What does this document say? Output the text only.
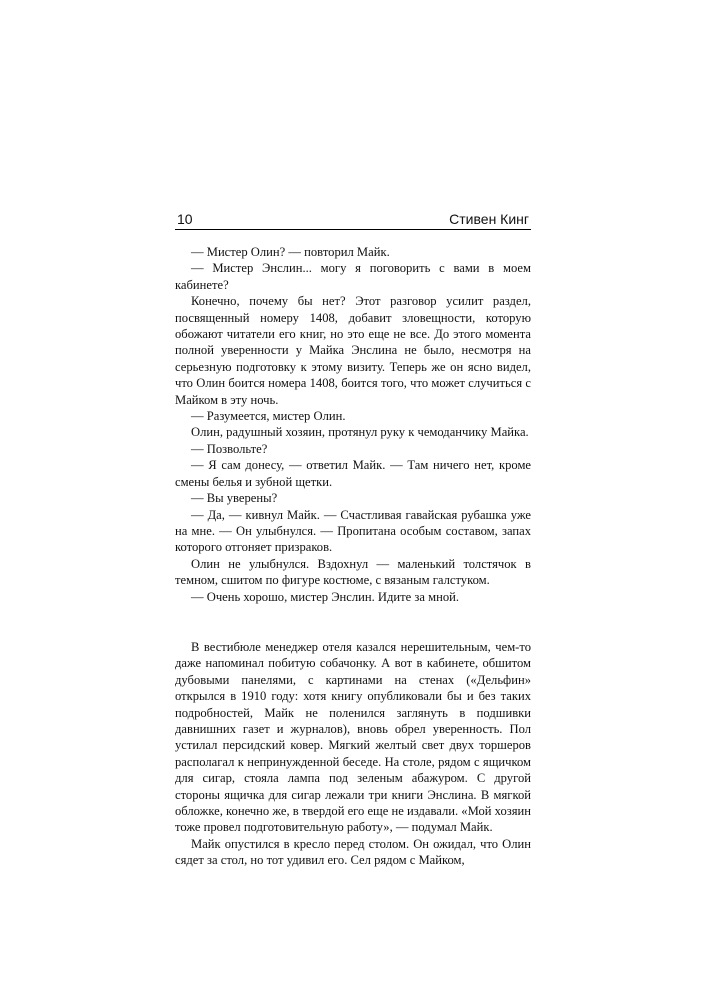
10	Стивен Кинг

— Мистер Олин? — повторил Майк.

— Мистер Энслин... могу я поговорить с вами в моем кабинете?

Конечно, почему бы нет? Этот разговор усилит раздел, посвященный номеру 1408, добавит зловещности, которую обожают читатели его книг, но это еще не все. До этого момента полной уверенности у Майка Энслина не было, несмотря на серьезную подготовку к этому визиту. Теперь же он ясно видел, что Олин боится номера 1408, боится того, что может случиться с Майком в эту ночь.

— Разумеется, мистер Олин.

Олин, радушный хозяин, протянул руку к чемоданчику Майка.

— Позвольте?

— Я сам донесу, — ответил Майк. — Там ничего нет, кроме смены белья и зубной щетки.

— Вы уверены?

— Да, — кивнул Майк. — Счастливая гавайская рубашка уже на мне. — Он улыбнулся. — Пропитана особым составом, запах которого отгоняет призраков.

Олин не улыбнулся. Вздохнул — маленький толстячок в темном, сшитом по фигуре костюме, с вязаным галстуком.

— Очень хорошо, мистер Энслин. Идите за мной.

В вестибюле менеджер отеля казался нерешительным, чем-то даже напоминал побитую собачонку. А вот в кабинете, обшитом дубовыми панелями, с картинами на стенах («Дельфин» открылся в 1910 году: хотя книгу опубликовали бы и без таких подробностей, Майк не поленился заглянуть в подшивки давнишних газет и журналов), вновь обрел уверенность. Пол устилал персидский ковер. Мягкий желтый свет двух торшеров располагал к непринужденной беседе. На столе, рядом с ящичком для сигар, стояла лампа под зеленым абажуром. С другой стороны ящичка для сигар лежали три книги Энслина. В мягкой обложке, конечно же, в твердой его еще не издавали. «Мой хозяин тоже провел подготовительную работу», — подумал Майк.

Майк опустился в кресло перед столом. Он ожидал, что Олин сядет за стол, но тот удивил его. Сел рядом с Майком,
